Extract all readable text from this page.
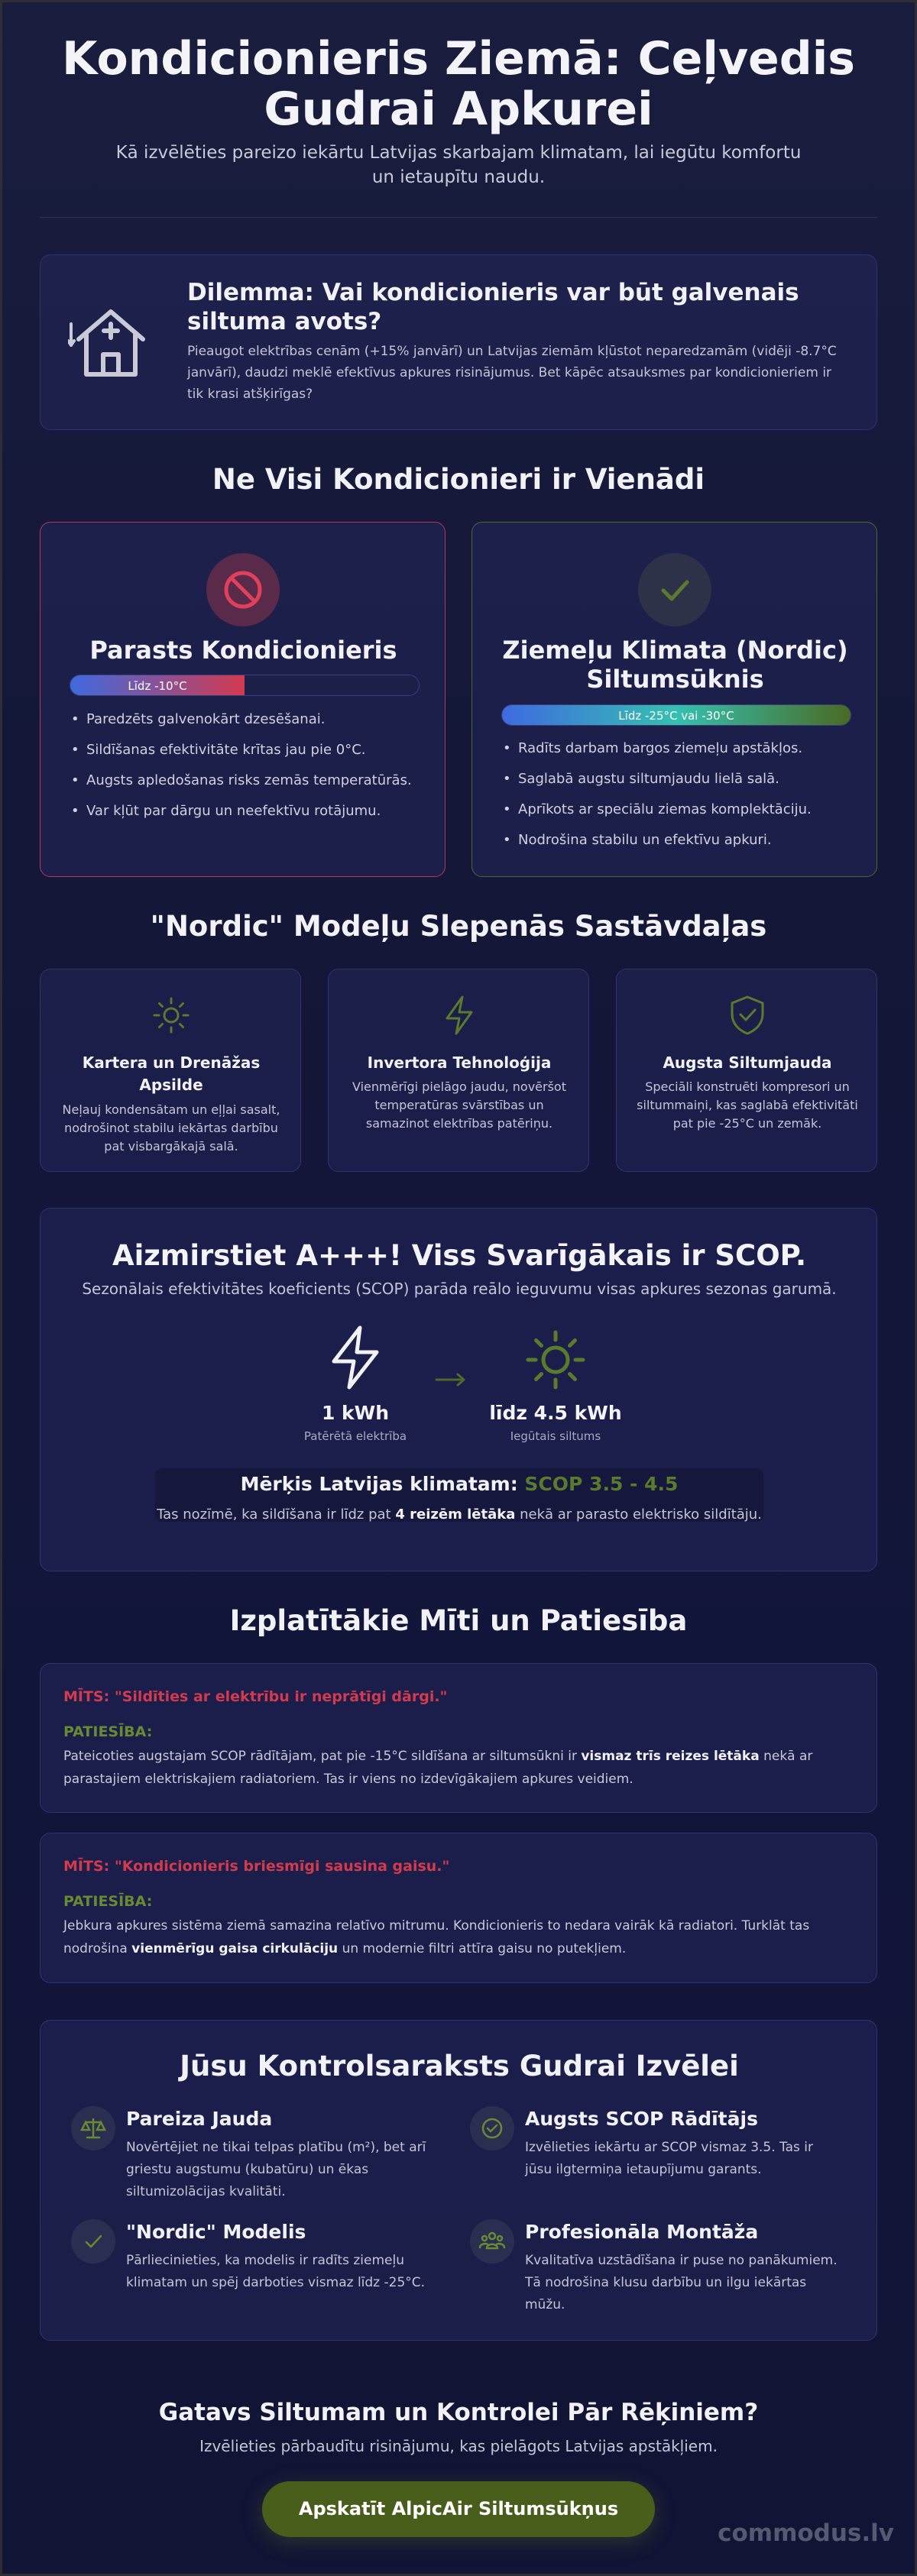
Kondicionieris Ziemā: Ceļvedis
Gudrai Apkurei

Kā izvēlēties pareizo iekārtu Latvijas skarbajam klimatam, lai iegūtu komfortu un ietaupītu naudu.

Dilemma: Vai kondicionieris var būt galvenais siltuma avots?

Pieaugot elektrības cenām (+15% janvārī) un Latvijas ziemām kļūstot neparedzamām (vidēji -8.7°C janvārī), daudzi meklē efektīvus apkures risinājumus. Bet kāpēc atsauksmes par kondicionieriem ir tik krasi atšķirīgas?

Ne Visi Kondicionieri ir Vienādi
Parasts Kondicionieris
Līdz -10°C
• Paredzēts galvenokārt dzesēšanai.
• Sildīšanas efektivitāte krītas jau pie 0°C.
• Augsts apledošanas risks zemās temperatūrās.
• Var kļūt par dārgu un neefektīvu rotājumu.
Ziemeļu Klimata (Nordic)
Siltumsūknis
Līdz -25°C vai -30°C
• Radīts darbam bargos ziemeļu apstākļos.
• Saglabā augstu siltumjaudu lielā salā.
• Aprīkots ar speciālu ziemas komplektāciju.
• Nodrošina stabilu un efektīvu apkuri.
"Nordic" Modeļu Slepenās Sastāvdaļas
Kartera un Drenāžas
Apsilde

Neļauj kondensātam un eļļai sasalt, nodrošinot stabilu iekārtas darbību pat visbargākajā salā.

Invertora Tehnoloģija

Vienmērīgi pielāgo jaudu, novēršot temperatūras svārstības un samazinot elektrības patēriņu.

Augsta Siltumjauda

Speciāli konstruēti kompresori un siltummaiņi, kas saglabā efektivitāti pat pie -25°C un zemāk.

Aizmirstiet A+++! Viss Svarīgākais ir SCOP.
Sezonālais efektivitātes koeficients (SCOP) parāda reālo ieguvumu visas apkures sezonas garumā.
1 kWh
Patērētā elektrība
līdz 4.5 kWh
Iegūtais siltums
Mērķis Latvijas klimatam: SCOP 3.5 - 4.5
Tas nozīmē, ka sildīšana ir līdz pat 4 reizēm lētāka nekā ar parasto elektrisko sildītāju.
Izplatītākie Mīti un Patiesība
MĪTS: "Sildīties ar elektrību ir neprātīgi dārgi."
PATIESĪBA:
Pateicoties augstajam SCOP rādītājam, pat pie -15°C sildīšana ar siltumsūkni ir vismaz trīs reizes lētāka nekā ar parastajiem elektriskajiem radiatoriem. Tas ir viens no izdevīgākajiem apkures veidiem.
MĪTS: "Kondicionieris briesmīgi sausina gaisu."
PATIESĪBA:
Jebkura apkures sistēma ziemā samazina relatīvo mitrumu. Kondicionieris to nedara vairāk kā radiatori. Turklāt tas nodrošina vienmērīgu gaisa cirkulāciju un modernie filtri attīra gaisu no putekļiem.
Jūsu Kontrolsaraksts Gudrai Izvēlei
Pareiza Jauda

Novērtējiet ne tikai telpas platību (m²), bet arī griestu augstumu (kubatūru) un ēkas siltumizolācijas kvalitāti.

Augsts SCOP Rādītājs

Izvēlieties iekārtu ar SCOP vismaz 3.5. Tas ir jūsu ilgtermiņa ietaupījumu garants.

"Nordic" Modelis

Pārliecinieties, ka modelis ir radīts ziemeļu klimatam un spēj darboties vismaz līdz -25°C.

Profesionāla Montāža

Kvalitatīva uzstādīšana ir puse no panākumiem. Tā nodrošina klusu darbību un ilgu iekārtas mūžu.

Gatavs Siltumam un Kontrolei Pār Rēķiniem?

Izvēlieties pārbaudītu risinājumu, kas pielāgots Latvijas apstākļiem.

Apskatīt AlpicAir Siltumsūkņus
commodus.lv
